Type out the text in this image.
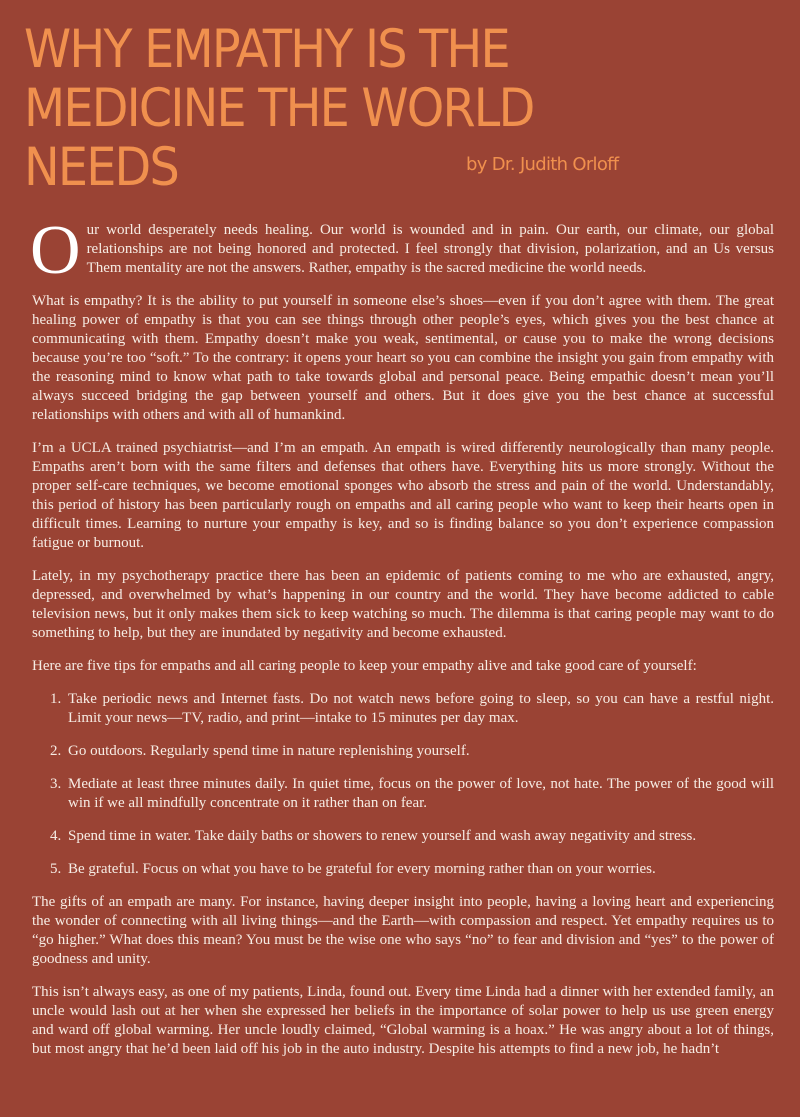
WHY EMPATHY IS THE
MEDICINE THE WORLD
NEEDS	by Dr. Judith Orloff

Our world desperately needs healing. Our world is wounded and in pain. Our earth, our climate, our global relationships are not being honored and protected. I feel strongly that division, polarization, and an Us versus Them mentality are not the answers. Rather, empathy is the sacred medicine the world needs.

What is empathy? It is the ability to put yourself in someone else’s shoes—even if you don’t agree with them. The great healing power of empathy is that you can see things through other people’s eyes, which gives you the best chance at communicating with them. Empathy doesn’t make you weak, sentimental, or cause you to make the wrong decisions because you’re too “soft.” To the contrary: it opens your heart so you can combine the insight you gain from empathy with the reasoning mind to know what path to take towards global and personal peace. Being empathic doesn’t mean you’ll always succeed bridging the gap between yourself and others. But it does give you the best chance at successful relationships with others and with all of humankind.

I’m a UCLA trained psychiatrist—and I’m an empath. An empath is wired differently neurologically than many people. Empaths aren’t born with the same filters and defenses that others have. Everything hits us more strongly. Without the proper self-care techniques, we become emotional sponges who absorb the stress and pain of the world. Understandably, this period of history has been particularly rough on empaths and all caring people who want to keep their hearts open in difficult times. Learning to nurture your empathy is key, and so is finding balance so you don’t experience compassion fatigue or burnout.

Lately, in my psychotherapy practice there has been an epidemic of patients coming to me who are exhausted, angry, depressed, and overwhelmed by what’s happening in our country and the world. They have become addicted to cable television news, but it only makes them sick to keep watching so much. The dilemma is that caring people may want to do something to help, but they are inundated by negativity and become exhausted.

Here are five tips for empaths and all caring people to keep your empathy alive and take good care of yourself:

1. Take periodic news and Internet fasts. Do not watch news before going to sleep, so you can have a restful night. Limit your news—TV, radio, and print—intake to 15 minutes per day max.
2. Go outdoors. Regularly spend time in nature replenishing yourself.
3. Mediate at least three minutes daily. In quiet time, focus on the power of love, not hate. The power of the good will win if we all mindfully concentrate on it rather than on fear.
4. Spend time in water. Take daily baths or showers to renew yourself and wash away negativity and stress.
5. Be grateful. Focus on what you have to be grateful for every morning rather than on your worries.

The gifts of an empath are many. For instance, having deeper insight into people, having a loving heart and experiencing the wonder of connecting with all living things—and the Earth—with compassion and respect. Yet empathy requires us to “go higher.” What does this mean? You must be the wise one who says “no” to fear and division and “yes” to the power of goodness and unity.

This isn’t always easy, as one of my patients, Linda, found out. Every time Linda had a dinner with her extended family, an uncle would lash out at her when she expressed her beliefs in the importance of solar power to help us use green energy and ward off global warming. Her uncle loudly claimed, “Global warming is a hoax.” He was angry about a lot of things, but most angry that he’d been laid off his job in the auto industry. Despite his attempts to find a new job, he hadn’t
